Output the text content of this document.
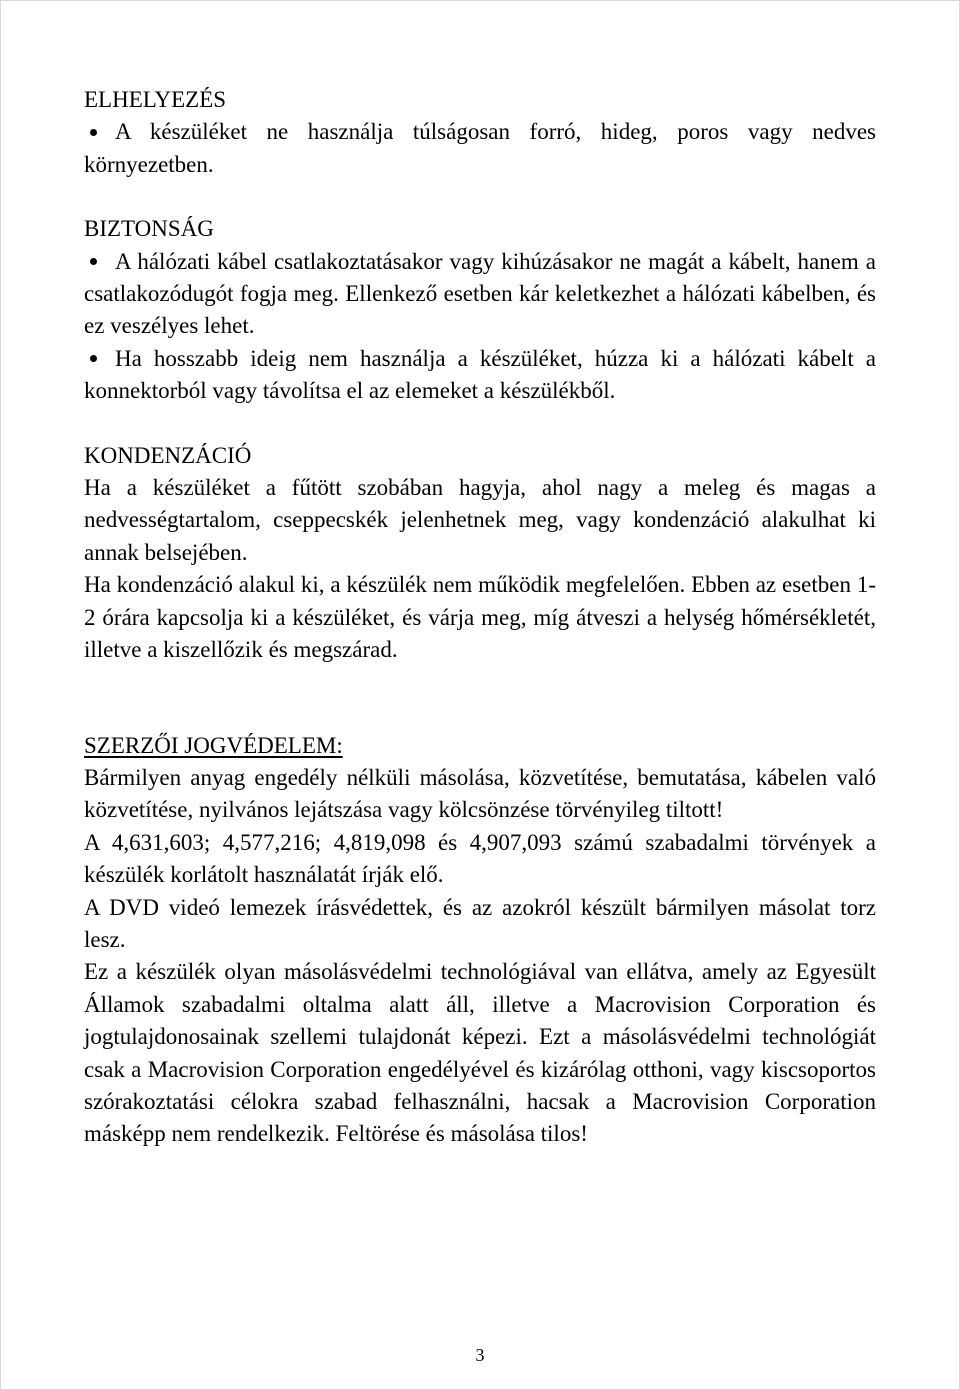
ELHELYEZÉS
A készüléket ne használja túlságosan forró, hideg, poros vagy nedves környezetben.
BIZTONSÁG
A hálózati kábel csatlakoztatásakor vagy kihúzásakor ne magát a kábelt, hanem a csatlakozódugót fogja meg. Ellenkező esetben kár keletkezhet a hálózati kábelben, és ez veszélyes lehet.
Ha hosszabb ideig nem használja a készüléket, húzza ki a hálózati kábelt a konnektorból vagy távolítsa el az elemeket a készülékből.
KONDENZÁCIÓ

Ha a készüléket a fűtött szobában hagyja, ahol nagy a meleg és magas a nedvességtartalom, cseppecskék jelenhetnek meg, vagy kondenzáció alakulhat ki annak belsejében.

Ha kondenzáció alakul ki, a készülék nem működik megfelelően. Ebben az esetben 1-2 órára kapcsolja ki a készüléket, és várja meg, míg átveszi a helység hőmérsékletét, illetve a kiszellőzik és megszárad.

SZERZŐI JOGVÉDELEM:

Bármilyen anyag engedély nélküli másolása, közvetítése, bemutatása, kábelen való közvetítése, nyilvános lejátszása vagy kölcsönzése törvényileg tiltott!

A 4,631,603; 4,577,216; 4,819,098 és 4,907,093 számú szabadalmi törvények a készülék korlátolt használatát írják elő.

A DVD videó lemezek írásvédettek, és az azokról készült bármilyen másolat torz lesz.

Ez a készülék olyan másolásvédelmi technológiával van ellátva, amely az Egyesült Államok szabadalmi oltalma alatt áll, illetve a Macrovision Corporation és jogtulajdonosainak szellemi tulajdonát képezi. Ezt a másolásvédelmi technológiát csak a Macrovision Corporation engedélyével és kizárólag otthoni, vagy kiscsoportos szórakoztatási célokra szabad felhasználni, hacsak a Macrovision Corporation másképp nem rendelkezik. Feltörése és másolása tilos!

3
